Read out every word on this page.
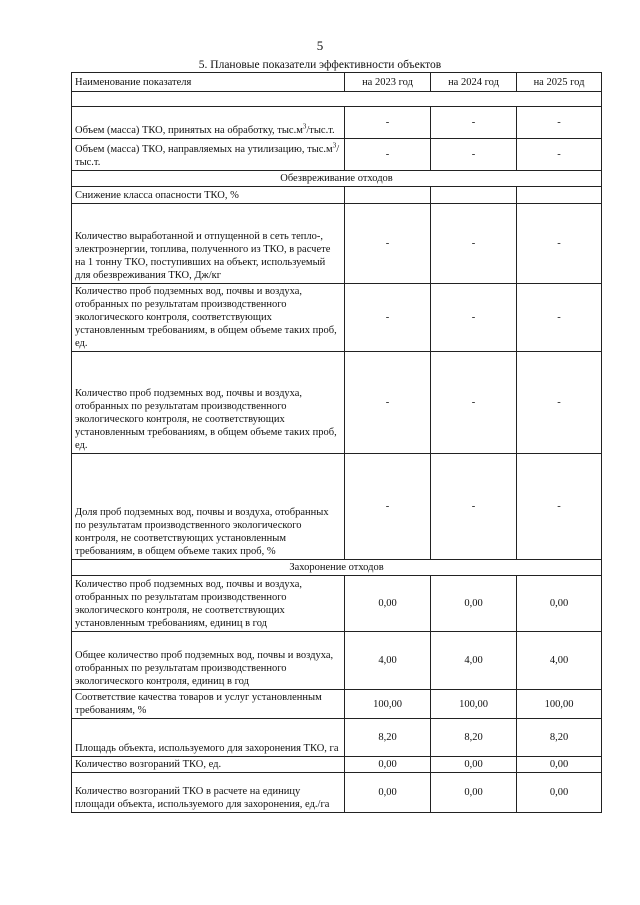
5
5. Плановые показатели эффективности объектов
Наименование показателя	на 2023 год	на 2024 год	на 2025 год

Объем (масса) ТКО, принятых на обработку, $тыс.м^3/тыс.т$.	-	-	-
Объем (масса) ТКО, направляемых на утилизацию, $тыс.м^3/тыс.т$.	-	-	-
Обезвреживание отходов			
Снижение класса опасности ТКО, %			
Количество выработанной и отпущенной в сеть тепло-, электроэнергии, топлива, полученного из ТКО, в расчете на 1 тонну ТКО, поступивших на объект, используемый для обезвреживания ТКО, Дж/кг	-	-	-
Количество проб подземных вод, почвы и воздуха, отобранных по результатам производственного экологического контроля, соответствующих установленным требованиям, в общем объеме таких проб, ед.	-	-	-
Количество проб подземных вод, почвы и воздуха, отобранных по результатам производственного экологического контроля, не соответствующих установленным требованиям, в общем объеме таких проб, ед.	-	-	-
Доля проб подземных вод, почвы и воздуха, отобранных по результатам производственного экологического контроля, не соответствующих установленным требованиям, в общем объеме таких проб, %	-	-	-
Захоронение отходов			
Количество проб подземных вод, почвы и воздуха, отобранных по результатам производственного экологического контроля, не соответствующих установленным требованиям, единиц в год	0,00	0,00	0,00
Общее количество проб подземных вод, почвы и воздуха, отобранных по результатам производственного экологического контроля, единиц в год	4,00	4,00	4,00
Соответствие качества товаров и услуг установленным требованиям, %	100,00	100,00	100,00
Площадь объекта, используемого для захоронения ТКО, га	8,20	8,20	8,20
Количество возгораний ТКО, ед.	0,00	0,00	0,00
Количество возгораний ТКО в расчете на единицу площади объекта, используемого для захоронения, ед./га	0,00	0,00	0,00
